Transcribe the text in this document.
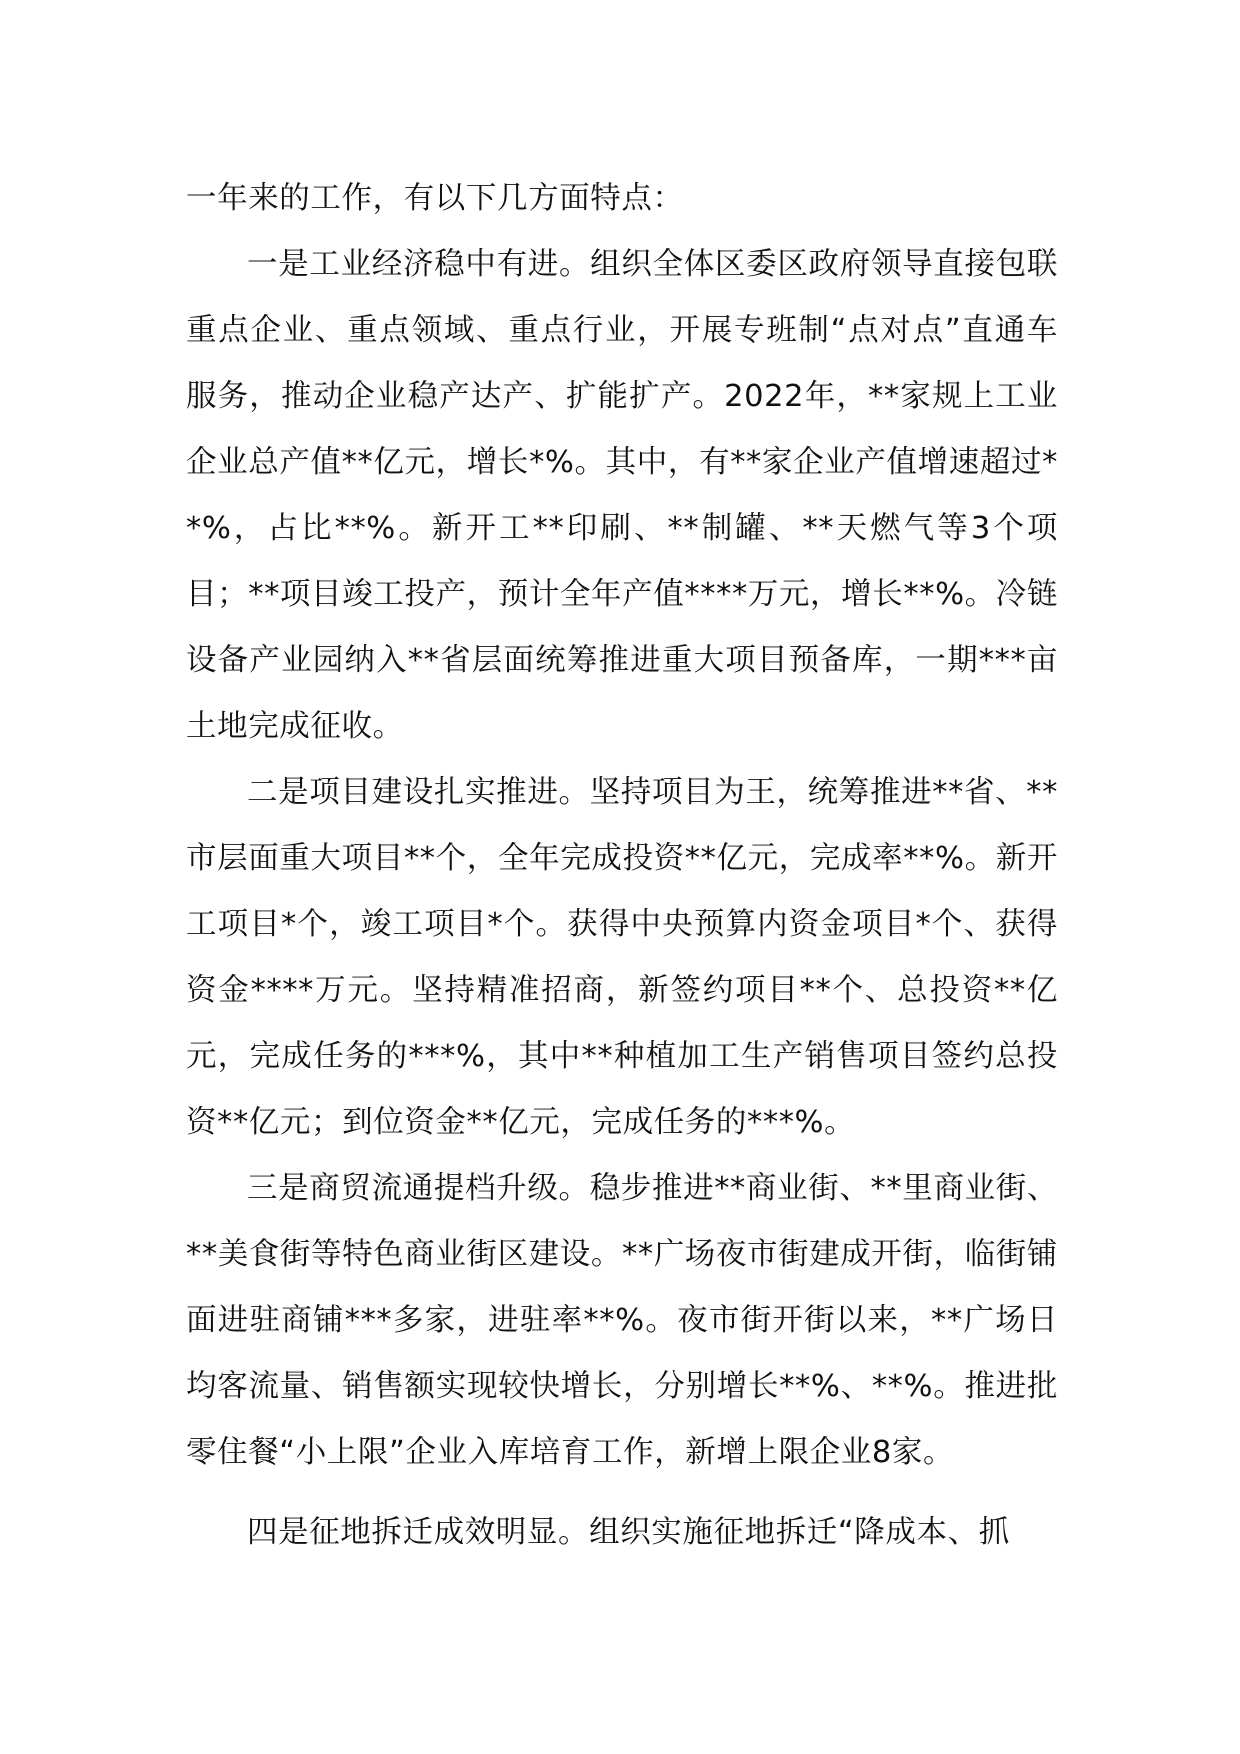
一年来的工作，有以下几方面特点：

一是工业经济稳中有进。组织全体区委区政府领导直接包联重点企业、重点领域、重点行业，开展专班制“点对点”直通车服务，推动企业稳产达产、扩能扩产。2022年，**家规上工业企业总产值**亿元，增长*%。其中，有**家企业产值增速超过**%，占比**%。新开工**印刷、**制罐、**天燃气等3个项目；**项目竣工投产，预计全年产值****万元，增长**%。冷链设备产业园纳入**省层面统筹推进重大项目预备库，一期***亩土地完成征收。

二是项目建设扎实推进。坚持项目为王，统筹推进**省、**市层面重大项目**个，全年完成投资**亿元，完成率**%。新开工项目*个，竣工项目*个。获得中央预算内资金项目*个、获得资金****万元。坚持精准招商，新签约项目**个、总投资**亿元，完成任务的***%，其中**种植加工生产销售项目签约总投资**亿元；到位资金**亿元，完成任务的***%。

三是商贸流通提档升级。稳步推进**商业街、**里商业街、**美食街等特色商业街区建设。**广场夜市街建成开街，临街铺面进驻商铺***多家，进驻率**%。夜市街开街以来，**广场日均客流量、销售额实现较快增长，分别增长**%、**%。推进批零住餐“小上限”企业入库培育工作，新增上限企业8家。

四是征地拆迁成效明显。组织实施征地拆迁“降成本、抓
